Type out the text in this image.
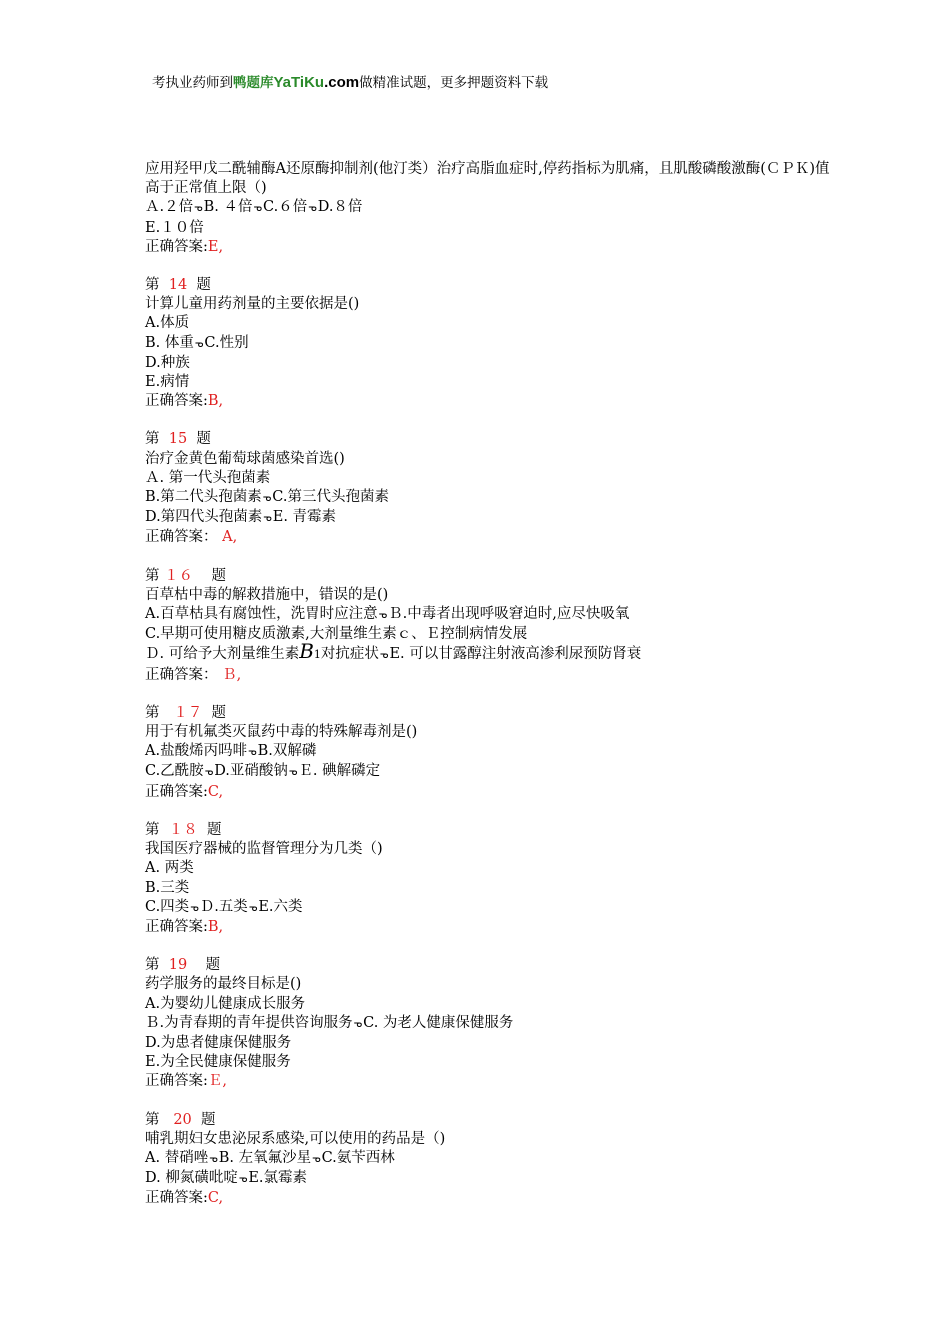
考执业药师到鸭题库YaTiKu.com做精准试题，更多押题资料下载
应用羟甲戊二酰辅酶A还原酶抑制剂(他汀类）治疗高脂血症时,停药指标为肌痛，且肌酸磷酸激酶(ＣＰＫ)值高于正常值上限（)
Ａ.２倍ᓀB. ４倍ᓀC.６倍ᓀD.８倍
E.１０倍
正确答案:E,
第 14 题
计算儿童用药剂量的主要依据是()
A.体质
B. 体重ᓀC.性别
D.种族
E.病情
正确答案:B,
第 15 题
治疗金黄色葡萄球菌感染首选()
Ａ. 第一代头孢菌素
B.第二代头孢菌素ᓀC.第三代头孢菌素
D.第四代头孢菌素ᓀE. 青霉素
正确答案： A,
第 １６ 题
百草枯中毒的解救措施中，错误的是()
A.百草枯具有腐蚀性，洗胃时应注意ᓀＢ.中毒者出现呼吸窘迫时,应尽快吸氧
C.早期可使用糖皮质激素,大剂量维生素ｃ、Ｅ控制病情发展
Ｄ. 可给予大剂量维生素B1对抗症状ᓀE. 可以甘露醇注射液高渗利尿预防肾衰
正确答案： Ｂ,
第 １７ 题
用于有机氟类灭鼠药中毒的特殊解毒剂是()
A.盐酸烯丙吗啡ᓀB.双解磷
C.乙酰胺ᓀD.亚硝酸钠ᓀＥ. 碘解磷定
正确答案:C,
第 １８ 题
我国医疗器械的监督管理分为几类（)
A. 两类
B.三类
C.四类ᓀＤ.五类ᓀE.六类
正确答案:B,
第 19 题
药学服务的最终目标是()
A.为婴幼儿健康成长服务
Ｂ.为青春期的青年提供咨询服务ᓀC. 为老人健康保健服务
D.为患者健康保健服务
E.为全民健康保健服务
正确答案:Ｅ,
第 20 题
哺乳期妇女患泌尿系感染,可以使用的药品是（)
A. 替硝唑ᓀB. 左氧氟沙星ᓀC.氨苄西林
D. 柳氮磺吡啶ᓀE.氯霉素
正确答案:C,
